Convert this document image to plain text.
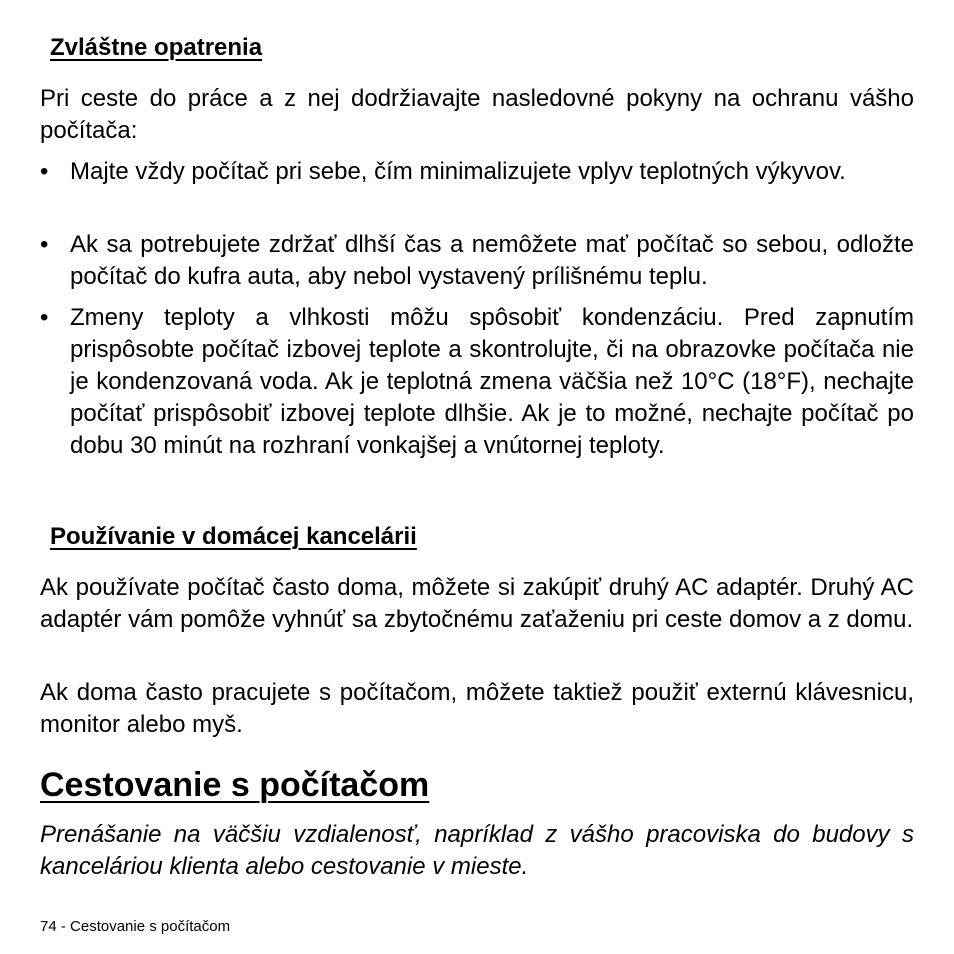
Zvláštne opatrenia

Pri ceste do práce a z nej dodržiavajte nasledovné pokyny na ochranu vášho počítača:

• Majte vždy počítač pri sebe, čím minimalizujete vplyv teplotných výkyvov.
• Ak sa potrebujete zdržať dlhší čas a nemôžete mať počítač so sebou, odložte počítač do kufra auta, aby nebol vystavený prílišnému teplu.
• Zmeny teploty a vlhkosti môžu spôsobiť kondenzáciu. Pred zapnutím prispôsobte počítač izbovej teplote a skontrolujte, či na obrazovke počítača nie je kondenzovaná voda. Ak je teplotná zmena väčšia než 10°C (18°F), nechajte počítať prispôsobiť izbovej teplote dlhšie. Ak je to možné, nechajte počítač po dobu 30 minút na rozhraní vonkajšej a vnútornej teploty.
Používanie v domácej kancelárii

Ak používate počítač často doma, môžete si zakúpiť druhý AC adaptér. Druhý AC adaptér vám pomôže vyhnúť sa zbytočnému zaťaženiu pri ceste domov a z domu.

Ak doma často pracujete s počítačom, môžete taktiež použiť externú klávesnicu, monitor alebo myš.

Cestovanie s počítačom

Prenášanie na väčšiu vzdialenosť, napríklad z vášho pracoviska do budovy s kanceláriou klienta alebo cestovanie v mieste.

74 - Cestovanie s počítačom
